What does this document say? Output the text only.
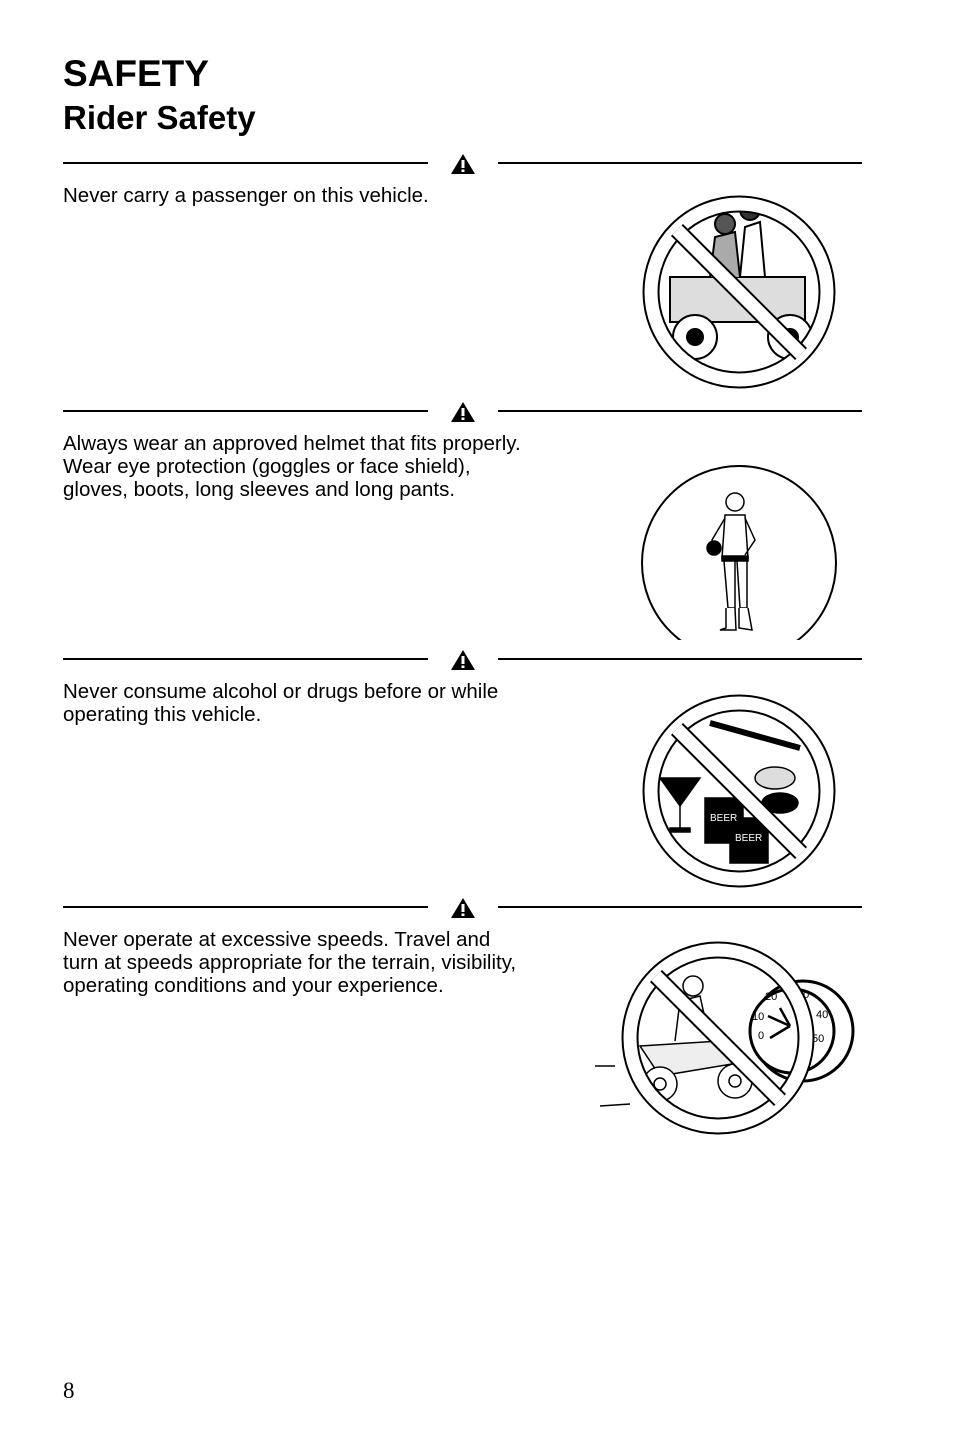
SAFETY
Rider Safety

Never carry a passenger on this vehicle.

Always wear an approved helmet that fits properly. Wear eye protection (goggles or face shield), gloves, boots, long sleeves and long pants.

Never consume alcohol or drugs before or while operating this vehicle.

BEER
BEER

Never operate at excessive speeds. Travel and turn at speeds appropriate for the terrain, visibility, operating conditions and your experience.

0
10
20 30
40
50
8
